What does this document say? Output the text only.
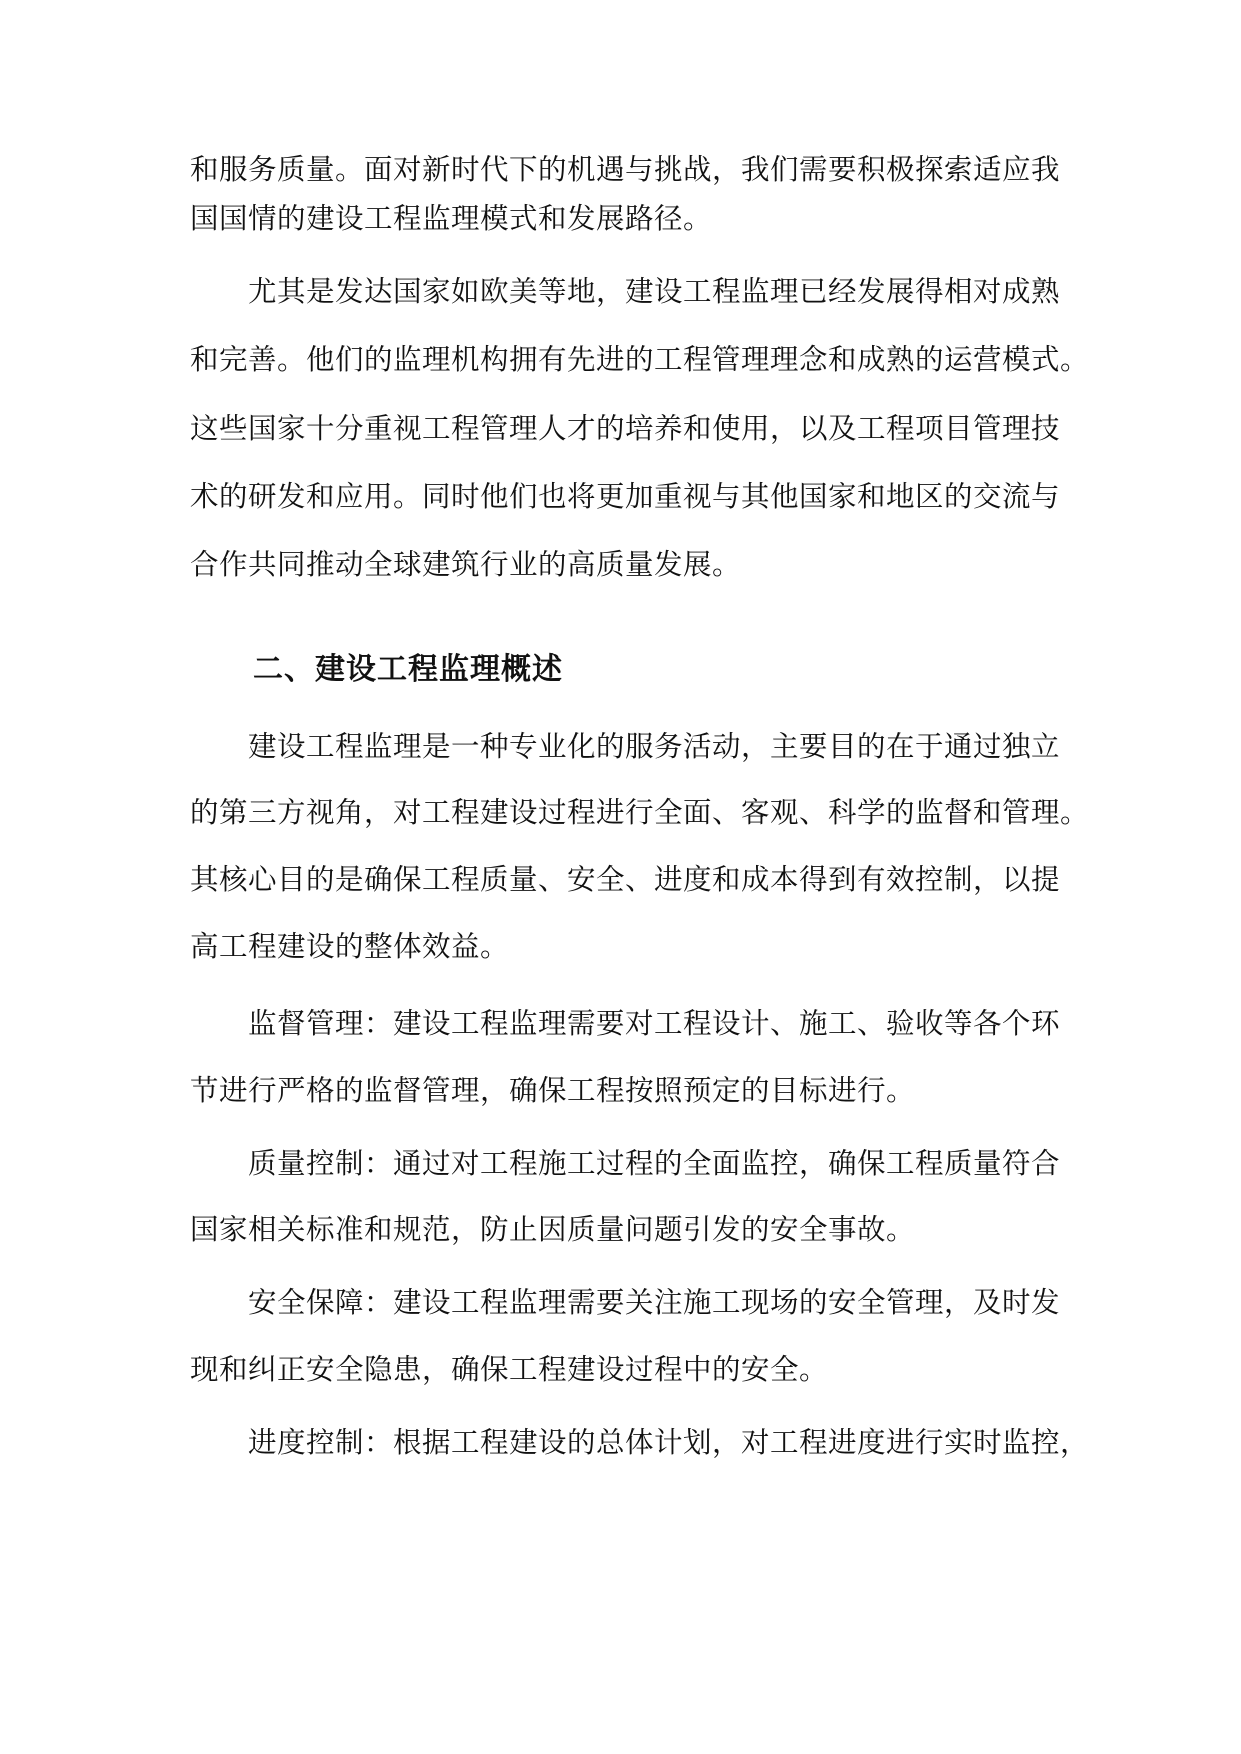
和服务质量。面对新时代下的机遇与挑战，我们需要积极探索适应我
国国情的建设工程监理模式和发展路径。
尤其是发达国家如欧美等地，建设工程监理已经发展得相对成熟
和完善。他们的监理机构拥有先进的工程管理理念和成熟的运营模式。
这些国家十分重视工程管理人才的培养和使用，以及工程项目管理技
术的研发和应用。同时他们也将更加重视与其他国家和地区的交流与
合作共同推动全球建筑行业的高质量发展。
二、建设工程监理概述
建设工程监理是一种专业化的服务活动，主要目的在于通过独立
的第三方视角，对工程建设过程进行全面、客观、科学的监督和管理。
其核心目的是确保工程质量、安全、进度和成本得到有效控制，以提
高工程建设的整体效益。
监督管理：建设工程监理需要对工程设计、施工、验收等各个环
节进行严格的监督管理，确保工程按照预定的目标进行。
质量控制：通过对工程施工过程的全面监控，确保工程质量符合
国家相关标准和规范，防止因质量问题引发的安全事故。
安全保障：建设工程监理需要关注施工现场的安全管理，及时发
现和纠正安全隐患，确保工程建设过程中的安全。
进度控制：根据工程建设的总体计划，对工程进度进行实时监控，
